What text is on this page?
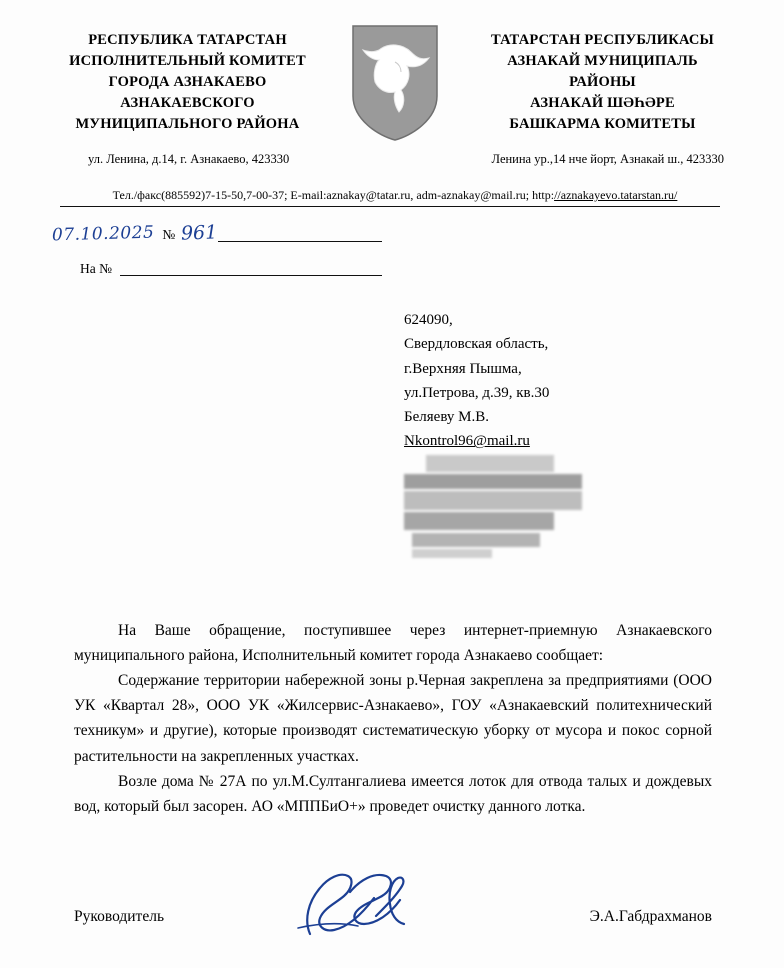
РЕСПУБЛИКА ТАТАРСТАН
ИСПОЛНИТЕЛЬНЫЙ КОМИТЕТ
ГОРОДА АЗНАКАЕВО
АЗНАКАЕВСКОГО
МУНИЦИПАЛЬНОГО РАЙОНА
ТАТАРСТАН РЕСПУБЛИКАСЫ
АЗНАКАЙ МУНИЦИПАЛЬ
РАЙОНЫ
АЗНАКАЙ ШӘҺӘРЕ
БАШКАРМА КОМИТЕТЫ
ул. Ленина, д.14, г. Азнакаево, 423330	Ленина ур.,14 нче йорт, Азнакай ш., 423330
Тел./факс(885592)7-15-50,7-00-37; E-mail:aznakay@tatar.ru, adm-aznakay@mail.ru; http://aznakayevo.tatarstan.ru/
07.10.2025 № 961
На №
624090,
Свердловская область,
г.Верхняя Пышма,
ул.Петрова, д.39, кв.30
Беляеву М.В.
Nkontrol96@mail.ru

На Ваше обращение, поступившее через интернет-приемную Азнакаевского муниципального района, Исполнительный комитет города Азнакаево сообщает:

Содержание территории набережной зоны р.Черная закреплена за предприятиями (ООО УК «Квартал 28», ООО УК «Жилсервис-Азнакаево», ГОУ «Азнакаевский политехнический техникум» и другие), которые производят систематическую уборку от мусора и покос сорной растительности на закрепленных участках.

Возле дома № 27А по ул.М.Султангалиева имеется лоток для отвода талых и дождевых вод, который был засорен. АО «МППБиО+» проведет очистку данного лотка.

Руководитель	Э.А.Габдрахманов
